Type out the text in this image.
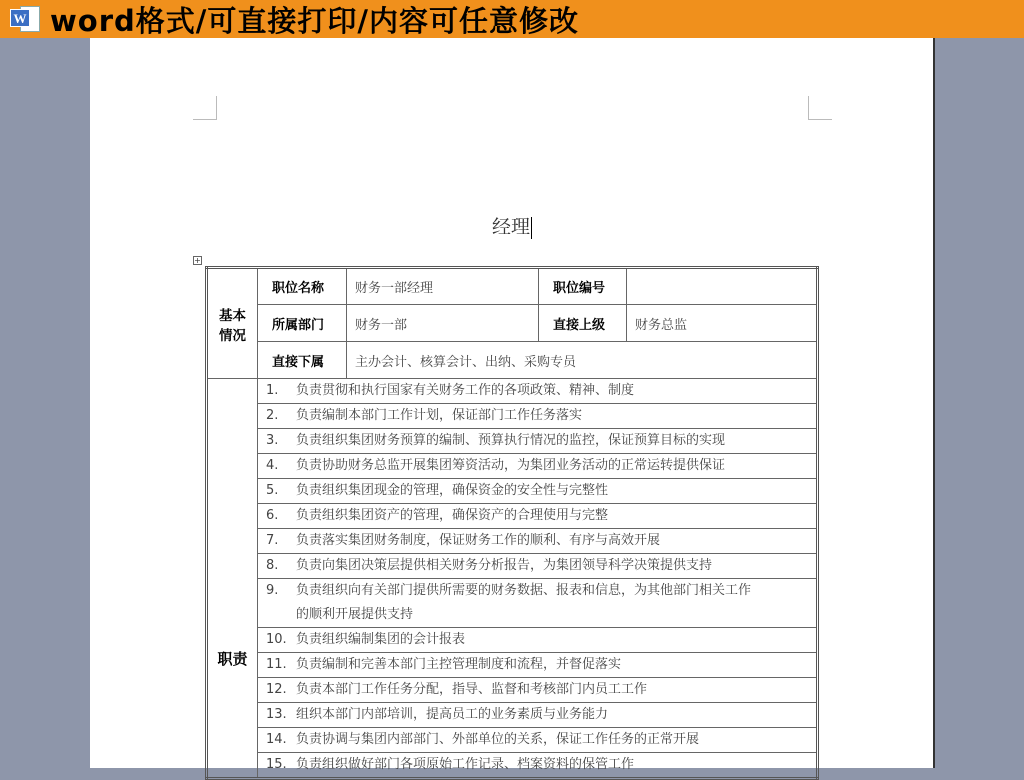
W word格式/可直接打印/内容可任意修改
经理
+
基本情况	职位名称	财务一部经理	职位编号	
	所属部门	财务一部	直接上级	财务总监
	直接下属	主办会计、核算会计、出纳、采购专员		
职责	1. 负责贯彻和执行国家有关财务工作的各项政策、精神、制度			
	2. 负责编制本部门工作计划，保证部门工作任务落实			
	3. 负责组织集团财务预算的编制、预算执行情况的监控，保证预算目标的实现			
	4. 负责协助财务总监开展集团筹资活动，为集团业务活动的正常运转提供保证			
	5. 负责组织集团现金的管理，确保资金的安全性与完整性			
	6. 负责组织集团资产的管理，确保资产的合理使用与完整			
	7. 负责落实集团财务制度，保证财务工作的顺利、有序与高效开展			
	8. 负责向集团决策层提供相关财务分析报告，为集团领导科学决策提供支持			
	9. 负责组织向有关部门提供所需要的财务数据、报表和信息，为其他部门相关工作
的顺利开展提供支持			
	10. 负责组织编制集团的会计报表			
	11. 负责编制和完善本部门主控管理制度和流程，并督促落实			
	12. 负责本部门工作任务分配，指导、监督和考核部门内员工工作			
	13. 组织本部门内部培训，提高员工的业务素质与业务能力			
	14. 负责协调与集团内部部门、外部单位的关系，保证工作任务的正常开展			
	15. 负责组织做好部门各项原始工作记录、档案资料的保管工作			
